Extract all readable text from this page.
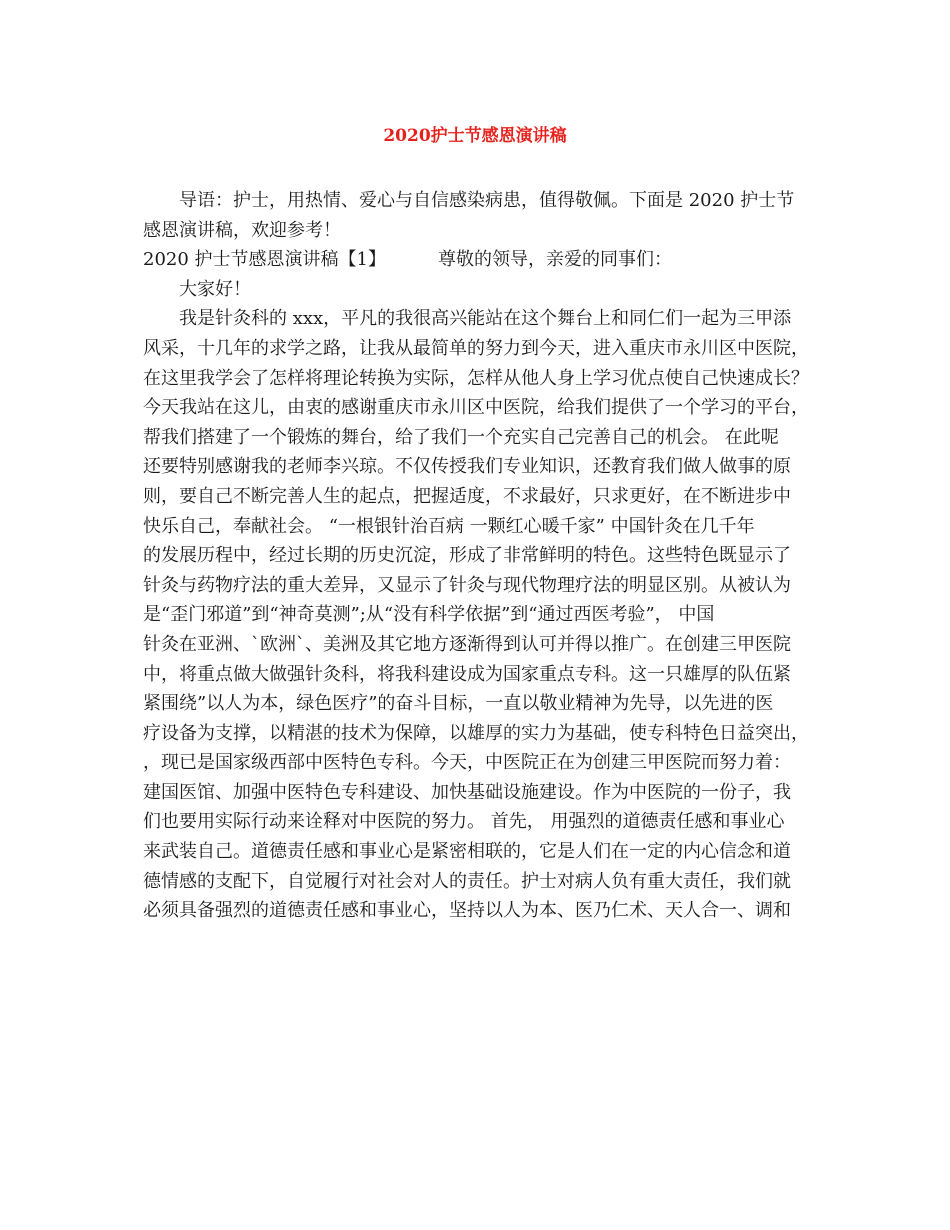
2020护士节感恩演讲稿
导语：护士，用热情、爱心与自信感染病患，值得敬佩。下面是 2020 护士节
感恩演讲稿，欢迎参考！
2020 护士节感恩演讲稿【1】	尊敬的领导，亲爱的同事们：
大家好！
我是针灸科的 xxx，平凡的我很高兴能站在这个舞台上和同仁们一起为三甲添
风采，十几年的求学之路，让我从最简单的努力到今天，进入重庆市永川区中医院，
在这里我学会了怎样将理论转换为实际，怎样从他人身上学习优点使自己快速成长？
今天我站在这儿，由衷的感谢重庆市永川区中医院，给我们提供了一个学习的平台，
帮我们搭建了一个锻炼的舞台，给了我们一个充实自己完善自己的机会。 在此呢
还要特别感谢我的老师李兴琼。不仅传授我们专业知识，还教育我们做人做事的原
则，要自己不断完善人生的起点，把握适度，不求最好，只求更好，在不断进步中
快乐自己，奉献社会。 “一根银针治百病 一颗红心暖千家” 中国针灸在几千年
的发展历程中，经过长期的历史沉淀，形成了非常鲜明的特色。这些特色既显示了
针灸与药物疗法的重大差异，又显示了针灸与现代物理疗法的明显区别。从被认为
是“歪门邪道”到“神奇莫测”;从“没有科学依据”到“通过西医考验”， 中国
针灸在亚洲、`欧洲`、美洲及其它地方逐渐得到认可并得以推广。在创建三甲医院
中，将重点做大做强针灸科，将我科建设成为国家重点专科。这一只雄厚的队伍紧
紧围绕”以人为本，绿色医疗”的奋斗目标，一直以敬业精神为先导，以先进的医
疗设备为支撑，以精湛的技术为保障，以雄厚的实力为基础，使专科特色日益突出，
，现已是国家级西部中医特色专科。今天，中医院正在为创建三甲医院而努力着：
建国医馆、加强中医特色专科建设、加快基础设施建设。作为中医院的一份子，我
们也要用实际行动来诠释对中医院的努力。 首先， 用强烈的道德责任感和事业心
来武装自己。道德责任感和事业心是紧密相联的，它是人们在一定的内心信念和道
德情感的支配下，自觉履行对社会对人的责任。护士对病人负有重大责任，我们就
必须具备强烈的道德责任感和事业心，坚持以人为本、医乃仁术、天人合一、调和
